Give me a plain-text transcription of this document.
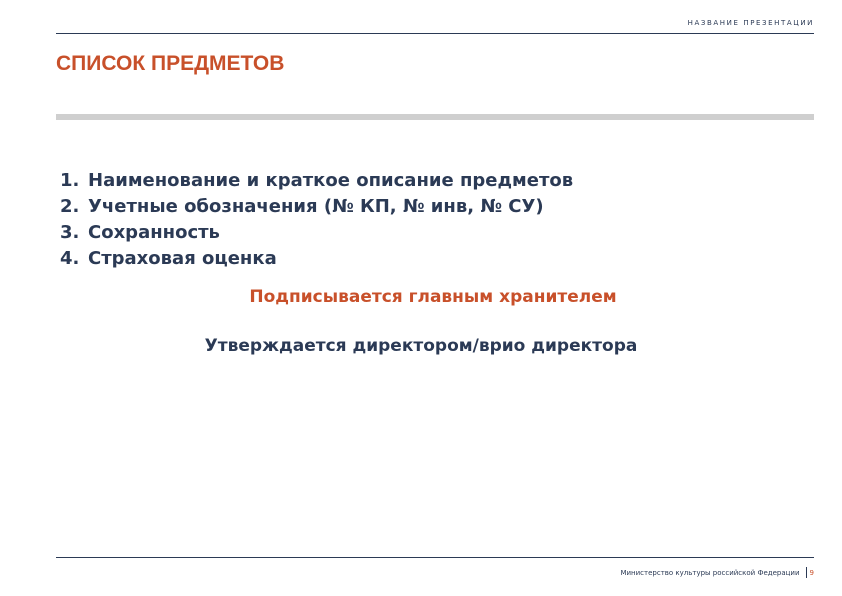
НАЗВАНИЕ ПРЕЗЕНТАЦИИ
СПИСОК ПРЕДМЕТОВ
1. Наименование и краткое описание предметов
2. Учетные обозначения (№ КП, № инв, № СУ)
3. Сохранность
4. Страховая оценка
Подписывается главным хранителем
Утверждается директором/врио директора
Министерство культуры российской Федерации 9
